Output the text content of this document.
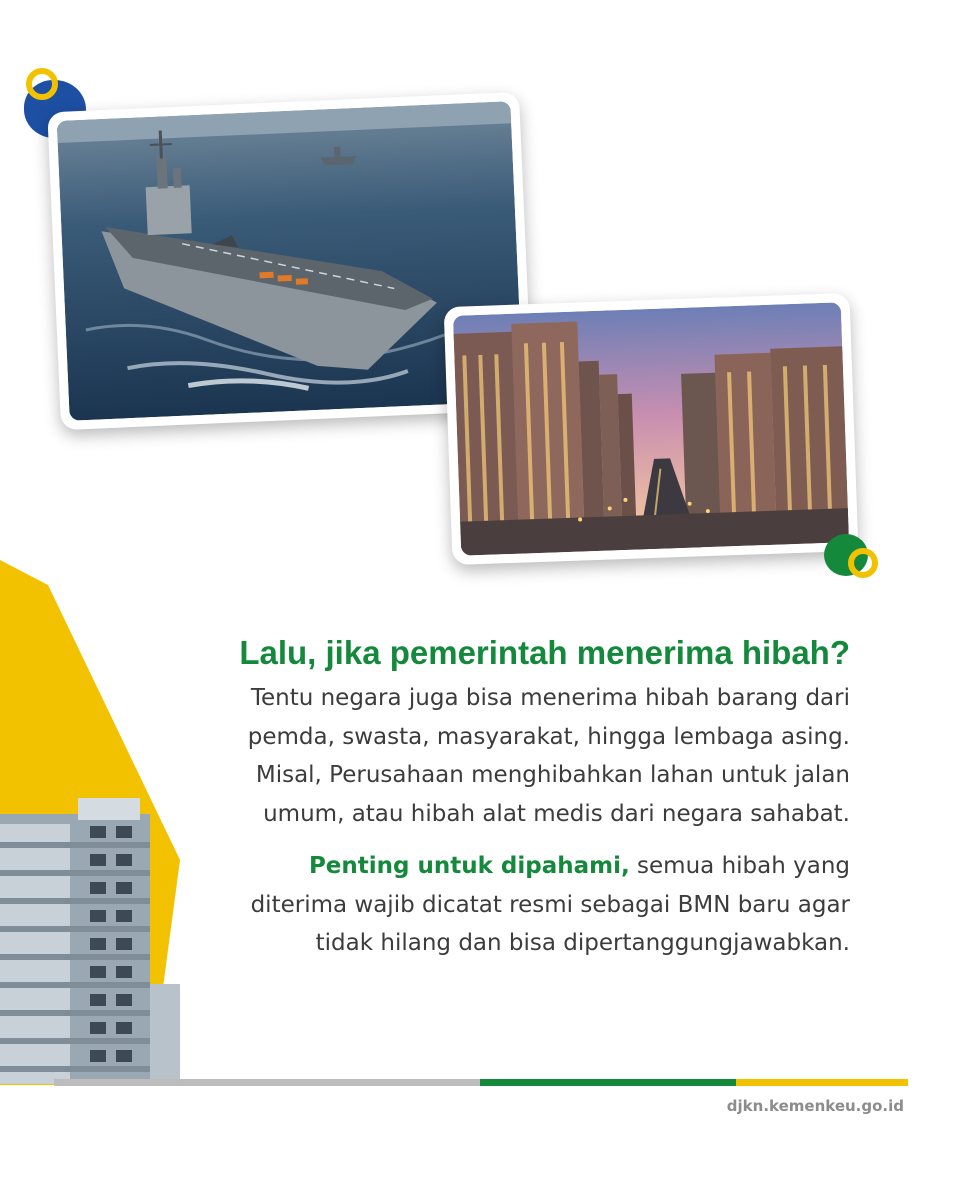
Lalu, jika pemerintah menerima hibah?

Tentu negara juga bisa menerima hibah barang dari
pemda, swasta, masyarakat, hingga lembaga asing.
Misal, Perusahaan menghibahkan lahan untuk jalan
umum, atau hibah alat medis dari negara sahabat.

Penting untuk dipahami, semua hibah yang
diterima wajib dicatat resmi sebagai BMN baru agar
tidak hilang dan bisa dipertanggungjawabkan.

djkn.kemenkeu.go.id
